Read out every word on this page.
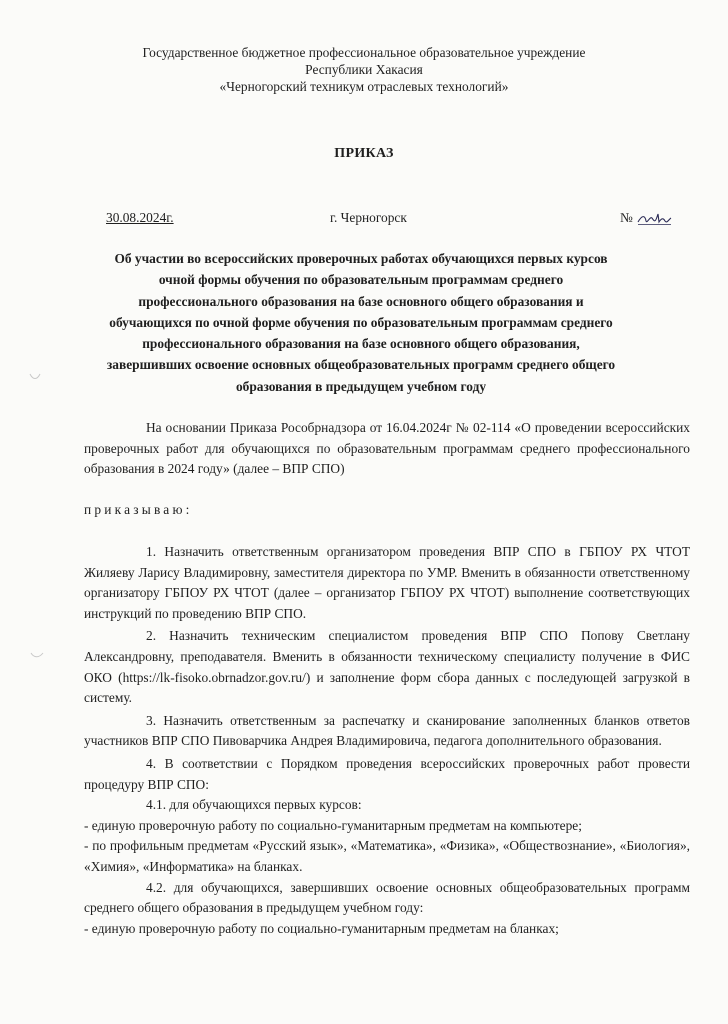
Государственное бюджетное профессиональное образовательное учреждение
Республики Хакасия
«Черногорский техникум отраслевых технологий»
ПРИКАЗ
30.08.2024г.	г. Черногорск	№
Об участии во всероссийских проверочных работах обучающихся первых курсов
очной формы обучения по образовательным программам среднего
профессионального образования на базе основного общего образования и
обучающихся по очной форме обучения по образовательным программам среднего
профессионального образования на базе основного общего образования,
завершивших освоение основных общеобразовательных программ среднего общего
образования в предыдущем учебном году
На основании Приказа Рособрнадзора от 16.04.2024г № 02-114 «О проведении всероссийских проверочных работ для обучающихся по образовательным программам среднего профессионального образования в 2024 году» (далее – ВПР СПО)
приказываю:

1. Назначить ответственным организатором проведения ВПР СПО в ГБПОУ РХ ЧТОТ Жиляеву Ларису Владимировну, заместителя директора по УМР. Вменить в обязанности ответственному организатору ГБПОУ РХ ЧТОТ (далее – организатор ГБПОУ РХ ЧТОТ) выполнение соответствующих инструкций по проведению ВПР СПО.

2. Назначить техническим специалистом проведения ВПР СПО Попову Светлану Александровну, преподавателя. Вменить в обязанности техническому специалисту получение в ФИС ОКО (https://lk-fisoko.obrnadzor.gov.ru/) и заполнение форм сбора данных с последующей загрузкой в систему.

3. Назначить ответственным за распечатку и сканирование заполненных бланков ответов участников ВПР СПО Пивоварчика Андрея Владимировича, педагога дополнительного образования.

4. В соответствии с Порядком проведения всероссийских проверочных работ провести процедуру ВПР СПО:

4.1. для обучающихся первых курсов:

- единую проверочную работу по социально-гуманитарным предметам на компьютере;

- по профильным предметам «Русский язык», «Математика», «Физика», «Обществознание», «Биология», «Химия», «Информатика» на бланках.

4.2. для обучающихся, завершивших освоение основных общеобразовательных программ среднего общего образования в предыдущем учебном году:

- единую проверочную работу по социально-гуманитарным предметам на бланках;
